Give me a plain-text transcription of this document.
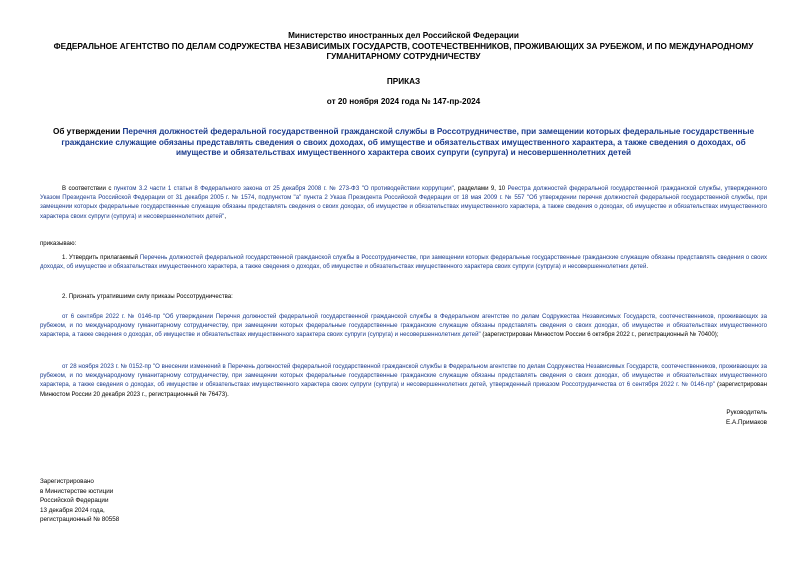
Министерство иностранных дел Российской Федерации
ФЕДЕРАЛЬНОЕ АГЕНТСТВО ПО ДЕЛАМ СОДРУЖЕСТВА НЕЗАВИСИМЫХ ГОСУДАРСТВ, СООТЕЧЕСТВЕННИКОВ, ПРОЖИВАЮЩИХ ЗА РУБЕЖОМ, И ПО МЕЖДУНАРОДНОМУ ГУМАНИТАРНОМУ СОТРУДНИЧЕСТВУ
ПРИКАЗ
от 20 ноября 2024 года № 147-пр-2024
Об утверждении Перечня должностей федеральной государственной гражданской службы в Россотрудничестве, при замещении которых федеральные государственные гражданские служащие обязаны представлять сведения о своих доходах, об имуществе и обязательствах имущественного характера, а также сведения о доходах, об имуществе и обязательствах имущественного характера своих супруги (супруга) и несовершеннолетних детей
В соответствии с пунктом 3.2 части 1 статьи 8 Федерального закона от 25 декабря 2008 г. № 273-ФЗ "О противодействии коррупции", разделами 9, 10 Реестра должностей федеральной государственной гражданской службы, утвержденного Указом Президента Российской Федерации от 31 декабря 2005 г. № 1574, подпунктом "а" пункта 2 Указа Президента Российской Федерации от 18 мая 2009 г. № 557 "Об утверждении перечня должностей федеральной государственной службы, при замещении которых федеральные государственные служащие обязаны представлять сведения о своих доходах, об имуществе и обязательствах имущественного характера, а также сведения о доходах, об имуществе и обязательствах имущественного характера своих супруги (супруга) и несовершеннолетних детей",
приказываю:
1. Утвердить прилагаемый Перечень должностей федеральной государственной гражданской службы в Россотрудничестве, при замещении которых федеральные государственные гражданские служащие обязаны представлять сведения о своих доходах, об имуществе и обязательствах имущественного характера, а также сведения о доходах, об имуществе и обязательствах имущественного характера своих супруги (супруга) и несовершеннолетних детей.
2. Признать утратившими силу приказы Россотрудничества:
от 6 сентября 2022 г. № 0146-пр "Об утверждении Перечня должностей федеральной государственной гражданской службы в Федеральном агентстве по делам Содружества Независимых Государств, соотечественников, проживающих за рубежом, и по международному гуманитарному сотрудничеству, при замещении которых федеральные государственные гражданские служащие обязаны представлять сведения о своих доходах, об имуществе и обязательствах имущественного характера, а также сведения о доходах, об имуществе и обязательствах имущественного характера своих супруги (супруга) и несовершеннолетних детей" (зарегистрирован Минюстом России 6 октября 2022 г., регистрационный № 70400);
от 28 ноября 2023 г. № 0152-пр "О внесении изменений в Перечень должностей федеральной государственной гражданской службы в Федеральном агентстве по делам Содружества Независимых Государств, соотечественников, проживающих за рубежом, и по международному гуманитарному сотрудничеству, при замещении которых федеральные государственные гражданские служащие обязаны представлять сведения о своих доходах, об имуществе и обязательствах имущественного характера, а также сведения о доходах, об имуществе и обязательствах имущественного характера своих супруги (супруга) и несовершеннолетних детей, утвержденный приказом Россотрудничества от 6 сентября 2022 г. № 0146-пр" (зарегистрирован Минюстом России 20 декабря 2023 г., регистрационный № 76473).
Руководитель
Е.А.Примаков
Зарегистрировано
в Министерстве юстиции
Российской Федерации
13 декабря 2024 года,
регистрационный № 80558
